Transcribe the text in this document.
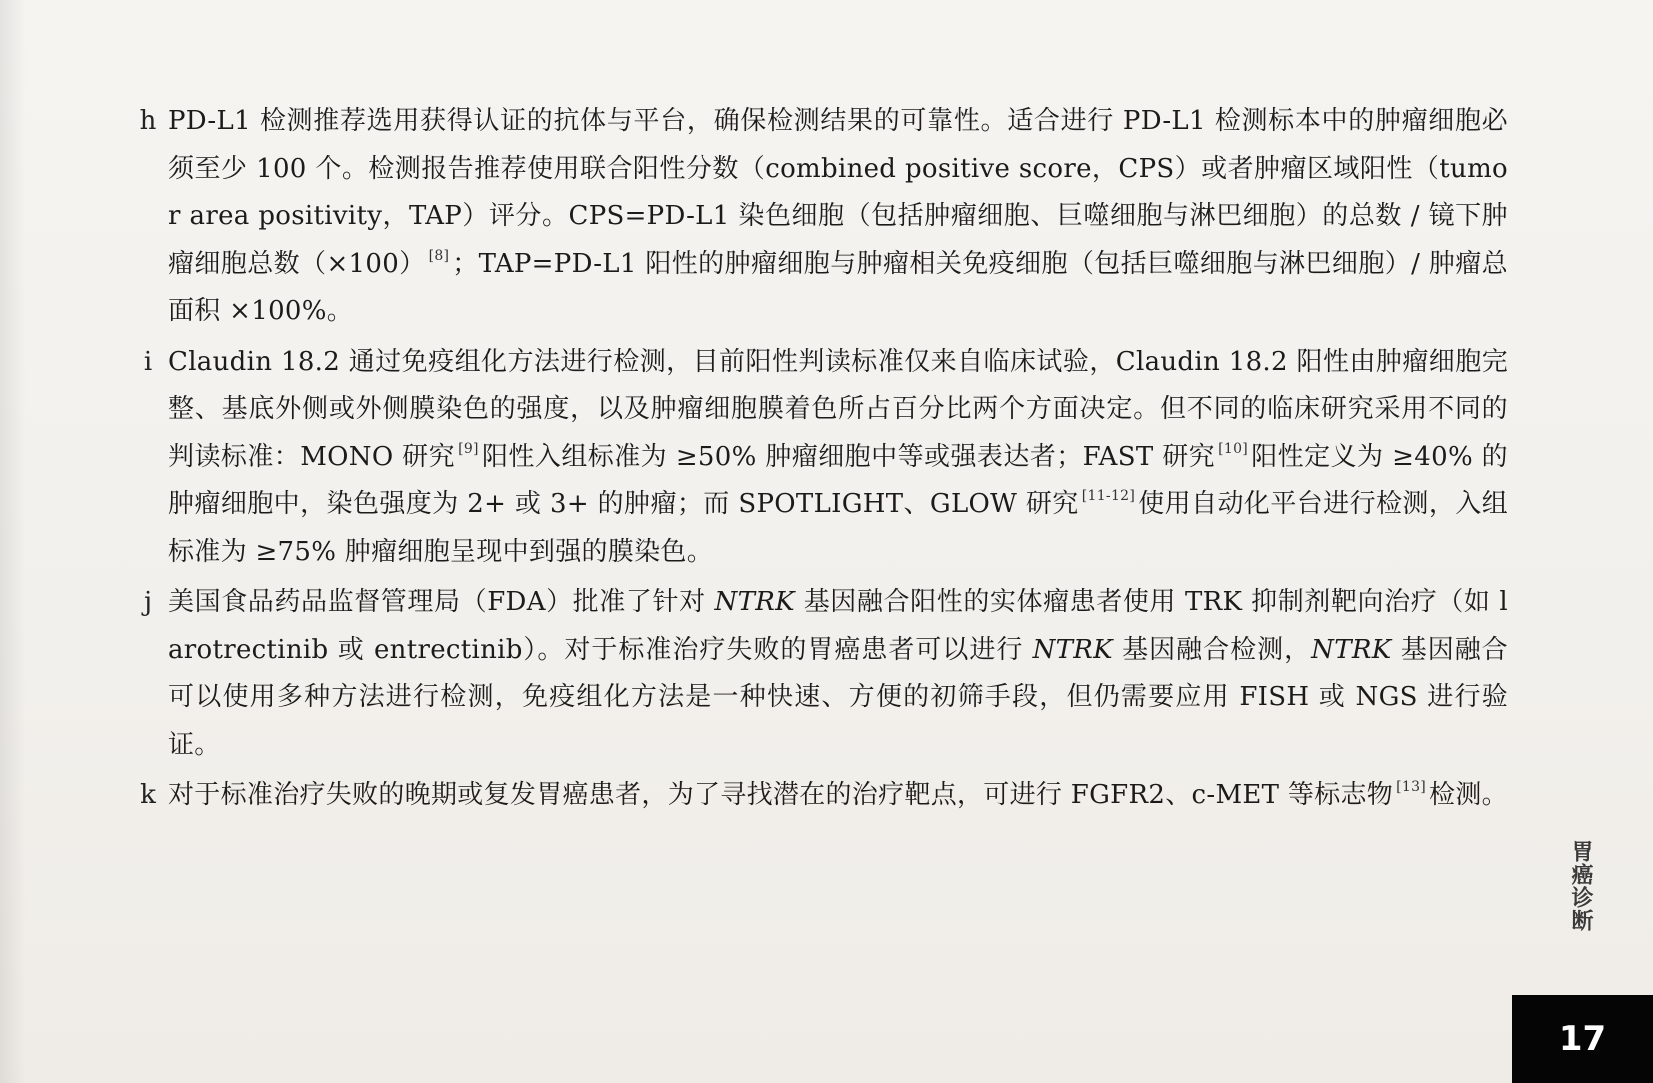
h PD-L1 检测推荐选用获得认证的抗体与平台，确保检测结果的可靠性。适合进行 PD-L1 检测标本中的肿瘤细胞必须至少 100 个。检测报告推荐使用联合阳性分数（combined positive score，CPS）或者肿瘤区域阳性（tumor area positivity，TAP）评分。CPS=PD-L1 染色细胞（包括肿瘤细胞、巨噬细胞与淋巴细胞）的总数 / 镜下肿瘤细胞总数（×100） [8] ；TAP=PD-L1 阳性的肿瘤细胞与肿瘤相关免疫细胞（包括巨噬细胞与淋巴细胞）/ 肿瘤总面积 ×100%。

i Claudin 18.2 通过免疫组化方法进行检测，目前阳性判读标准仅来自临床试验，Claudin 18.2 阳性由肿瘤细胞完整、基底外侧或外侧膜染色的强度，以及肿瘤细胞膜着色所占百分比两个方面决定。但不同的临床研究采用不同的判读标准：MONO 研究 [9] 阳性入组标准为 ≥50% 肿瘤细胞中等或强表达者；FAST 研究 [10] 阳性定义为 ≥40% 的肿瘤细胞中，染色强度为 2+ 或 3+ 的肿瘤；而 SPOTLIGHT、GLOW 研究 [11-12] 使用自动化平台进行检测，入组标准为 ≥75% 肿瘤细胞呈现中到强的膜染色。

j 美国食品药品监督管理局（FDA）批准了针对 NTRK 基因融合阳性的实体瘤患者使用 TRK 抑制剂靶向治疗（如 larotrectinib 或 entrectinib）。对于标准治疗失败的胃癌患者可以进行 NTRK 基因融合检测，NTRK 基因融合可以使用多种方法进行检测，免疫组化方法是一种快速、方便的初筛手段，但仍需要应用 FISH 或 NGS 进行验证。

k 对于标准治疗失败的晚期或复发胃癌患者，为了寻找潜在的治疗靶点，可进行 FGFR2、c-MET 等标志物 [13] 检测。

胃癌诊断
17
